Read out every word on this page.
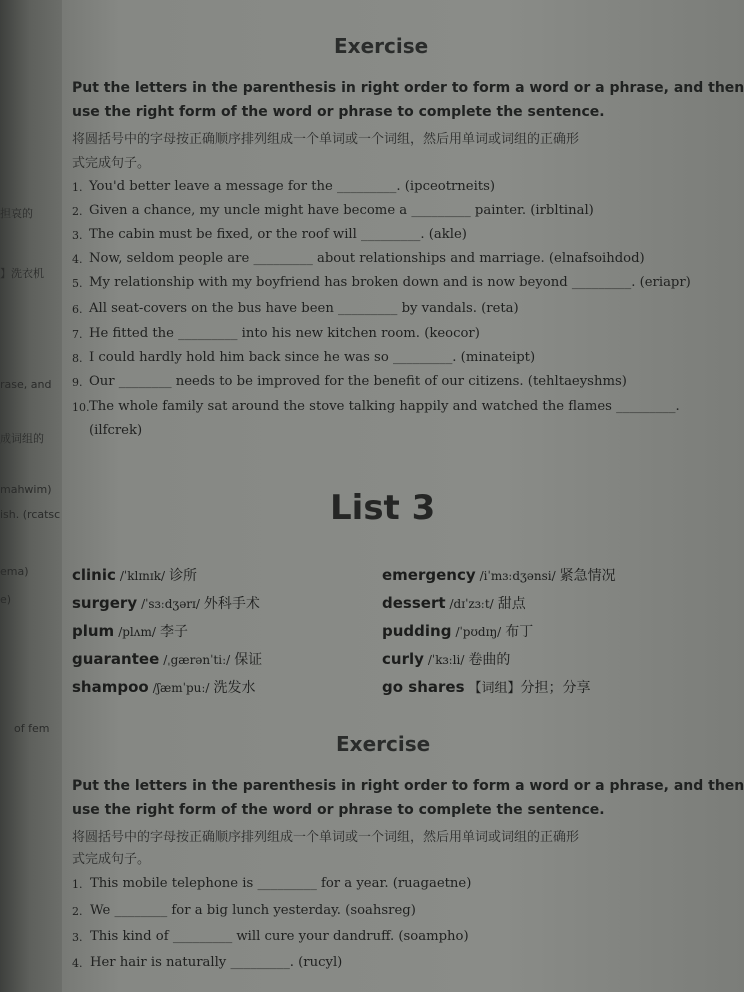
担哀的
】洗衣机
rase, and
成词组的
mahwim)
ish. (rcatsc
ema)
e)
of fem
Exercise
Put the letters in the parenthesis in right order to form a word or a phrase, and then
use the right form of the word or phrase to complete the sentence.
将圆括号中的字母按正确顺序排列组成一个单词或一个词组，然后用单词或词组的正确形
式完成句子。
1. You'd better leave a message for the _________. (ipceotrneits)
2. Given a chance, my uncle might have become a _________ painter. (irbltinal)
3. The cabin must be fixed, or the roof will _________. (akle)
4. Now, seldom people are _________ about relationships and marriage. (elnafsoihdod)
5. My relationship with my boyfriend has broken down and is now beyond _________. (eriapr)
6. All seat-covers on the bus have been _________ by vandals. (reta)
7. He fitted the _________ into his new kitchen room. (keocor)
8. I could hardly hold him back since he was so _________. (minateipt)
9. Our ________ needs to be improved for the benefit of our citizens. (tehltaeyshms)
10. The whole family sat around the stove talking happily and watched the flames _________.
(ilfcrek)
List 3
clinic /ˈklɪnɪk/ 诊所
surgery /ˈsɜːdʒərɪ/ 外科手术
plum /plʌm/ 李子
guarantee /ˌgærənˈtiː/ 保证
shampoo /ʃæmˈpuː/ 洗发水
emergency /iˈmɜːdʒənsi/ 紧急情况
dessert /dɪˈzɜːt/ 甜点
pudding /ˈpʊdɪŋ/ 布丁
curly /ˈkɜːli/ 卷曲的
go shares 【词组】分担；分享
Exercise
Put the letters in the parenthesis in right order to form a word or a phrase, and then
use the right form of the word or phrase to complete the sentence.
将圆括号中的字母按正确顺序排列组成一个单词或一个词组，然后用单词或词组的正确形
式完成句子。
1. This mobile telephone is _________ for a year. (ruagaetne)
2. We ________ for a big lunch yesterday. (soahsreg)
3. This kind of _________ will cure your dandruff. (soampho)
4. Her hair is naturally _________. (rucyl)
